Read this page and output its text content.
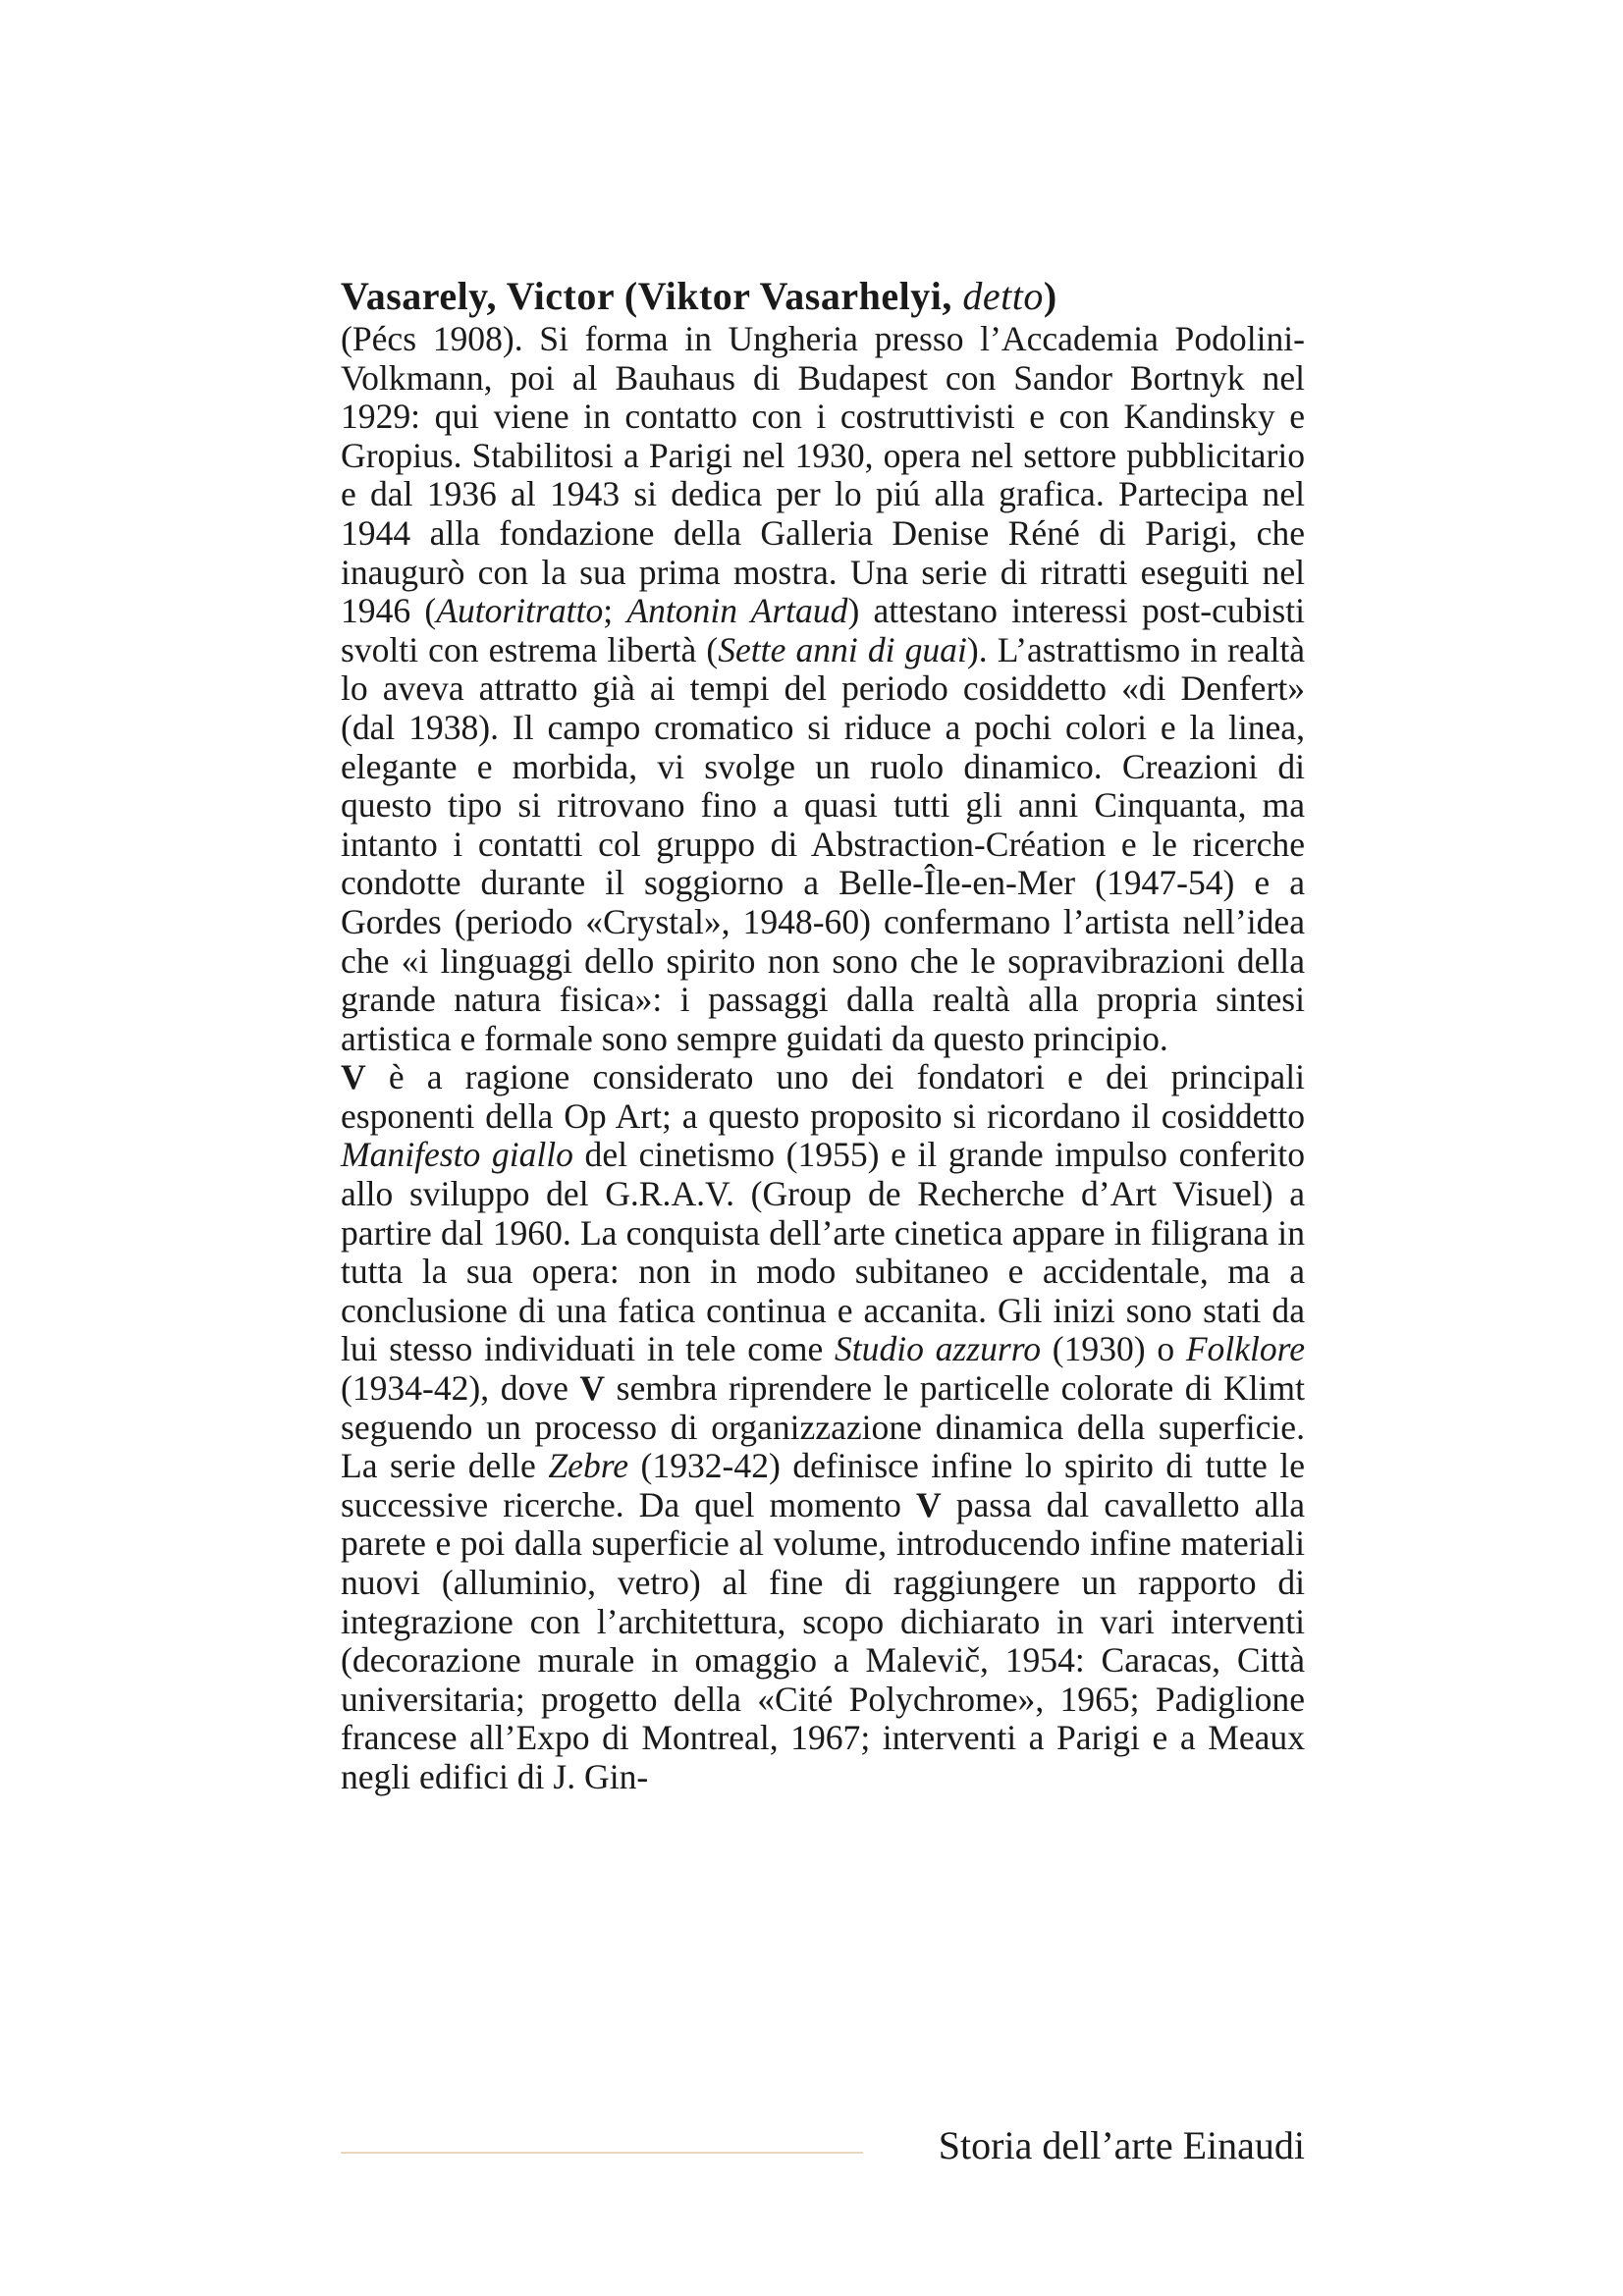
Vasarely, Victor (Viktor Vasarhelyi, detto)

(Pécs 1908). Si forma in Ungheria presso l’Accademia Podolini-Volkmann, poi al Bauhaus di Budapest con Sandor Bortnyk nel 1929: qui viene in contatto con i costruttivisti e con Kandinsky e Gropius. Stabilitosi a Parigi nel 1930, opera nel settore pubblicitario e dal 1936 al 1943 si dedica per lo piú alla grafica. Partecipa nel 1944 alla fondazione della Galleria Denise Réné di Parigi, che inaugurò con la sua prima mostra. Una serie di ritratti eseguiti nel 1946 (Autoritratto; Antonin Artaud) attestano interessi post-cubisti svolti con estrema libertà (Sette anni di guai). L’astrattismo in realtà lo aveva attratto già ai tempi del periodo cosiddetto «di Denfert» (dal 1938). Il campo cromatico si riduce a pochi colori e la linea, elegante e morbida, vi svolge un ruolo dinamico. Creazioni di questo tipo si ritrovano fino a quasi tutti gli anni Cinquanta, ma intanto i contatti col gruppo di Abstraction-Création e le ricerche condotte durante il soggiorno a Belle-Île-en-Mer (1947-54) e a Gordes (periodo «Crystal», 1948-60) confermano l’artista nell’idea che «i linguaggi dello spirito non sono che le sopravibrazioni della grande natura fisica»: i passaggi dalla realtà alla propria sintesi artistica e formale sono sempre guidati da questo principio.

V è a ragione considerato uno dei fondatori e dei principali esponenti della Op Art; a questo proposito si ricordano il cosiddetto Manifesto giallo del cinetismo (1955) e il grande impulso conferito allo sviluppo del G.R.A.V. (Group de Recherche d’Art Visuel) a partire dal 1960. La conquista dell’arte cinetica appare in filigrana in tutta la sua opera: non in modo subitaneo e accidentale, ma a conclusione di una fatica continua e accanita. Gli inizi sono stati da lui stesso individuati in tele come Studio azzurro (1930) o Folklore (1934-42), dove V sembra riprendere le particelle colorate di Klimt seguendo un processo di organizzazione dinamica della superficie. La serie delle Zebre (1932-42) definisce infine lo spirito di tutte le successive ricerche. Da quel momento V passa dal cavalletto alla parete e poi dalla superficie al volume, introducendo infine materiali nuovi (alluminio, vetro) al fine di raggiungere un rapporto di integrazione con l’architettura, scopo dichiarato in vari interventi (decorazione murale in omaggio a Malevič, 1954: Caracas, Città universitaria; progetto della «Cité Polychrome», 1965; Padiglione francese all’Expo di Montreal, 1967; interventi a Parigi e a Meaux negli edifici di J. Gin-

Storia dell’arte Einaudi
